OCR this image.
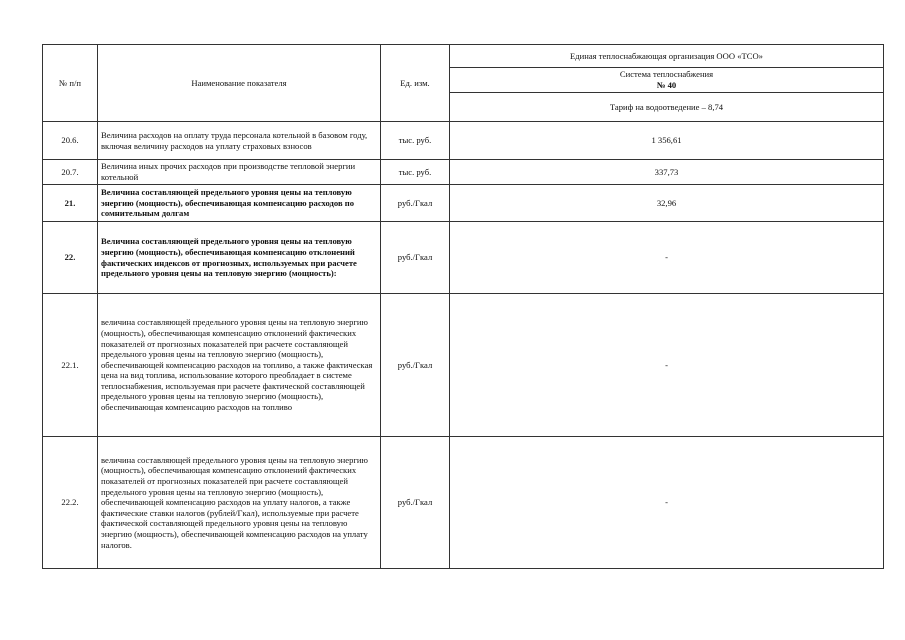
№ п/п	Наименование показателя	Ед. изм.	Единая теплоснабжающая организация ООО «ТСО»

			Система теплоснабжения
№ 40

			Тариф на водоотведение – 8,74
20.6.	Величина расходов на оплату труда персонала котельной в базовом году, включая величину расходов на уплату страховых взносов	тыс. руб.	1 356,61
20.7.	Величина иных прочих расходов при производстве тепловой энергии котельной	тыс. руб.	337,73
21.	Величина составляющей предельного уровня цены на тепловую энергию (мощность), обеспечивающая компенсацию расходов по сомнительным долгам	руб./Гкал	32,96
22.	Величина составляющей предельного уровня цены на тепловую энергию (мощность), обеспечивающая компенсацию отклонений фактических индексов от прогнозных, используемых при расчете предельного уровня цены на тепловую энергию (мощность):	руб./Гкал	-
22.1.	величина составляющей предельного уровня цены на тепловую энергию (мощность), обеспечивающая компенсацию отклонений фактических показателей от прогнозных показателей при расчете составляющей предельного уровня цены на тепловую энергию (мощность), обеспечивающей компенсацию расходов на топливо, а также фактическая цена на вид топлива, использование которого преобладает в системе теплоснабжения, используемая при расчете фактической составляющей предельного уровня цены на тепловую энергию (мощность), обеспечивающая компенсацию расходов на топливо	руб./Гкал	-
22.2.	величина составляющей предельного уровня цены на тепловую энергию (мощность), обеспечивающая компенсацию отклонений фактических показателей от прогнозных показателей при расчете составляющей предельного уровня цены на тепловую энергию (мощность), обеспечивающей компенсацию расходов на уплату налогов, а также фактические ставки налогов (рублей/Гкал), используемые при расчете фактической составляющей предельного уровня цены на тепловую энергию (мощность), обеспечивающей компенсацию расходов на уплату налогов.	руб./Гкал	-
